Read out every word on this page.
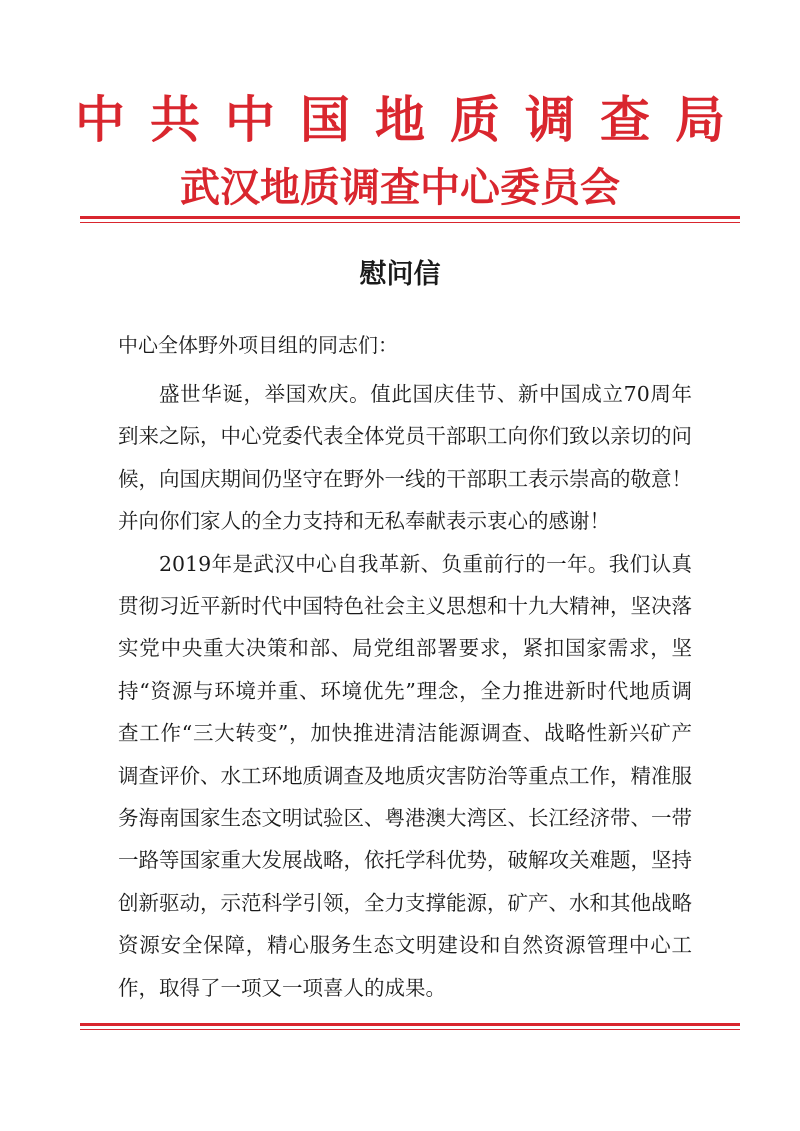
中共中国地质调查局
武汉地质调查中心委员会
慰问信
中心全体野外项目组的同志们：

盛世华诞，举国欢庆。值此国庆佳节、新中国成立70周年到来之际，中心党委代表全体党员干部职工向你们致以亲切的问候，向国庆期间仍坚守在野外一线的干部职工表示崇高的敬意！并向你们家人的全力支持和无私奉献表示衷心的感谢！

2019年是武汉中心自我革新、负重前行的一年。我们认真贯彻习近平新时代中国特色社会主义思想和十九大精神，坚决落实党中央重大决策和部、局党组部署要求，紧扣国家需求，坚持“资源与环境并重、环境优先”理念，全力推进新时代地质调查工作“三大转变”，加快推进清洁能源调查、战略性新兴矿产调查评价、水工环地质调查及地质灾害防治等重点工作，精准服务海南国家生态文明试验区、粤港澳大湾区、长江经济带、一带一路等国家重大发展战略，依托学科优势，破解攻关难题，坚持创新驱动，示范科学引领，全力支撑能源，矿产、水和其他战略资源安全保障，精心服务生态文明建设和自然资源管理中心工作，取得了一项又一项喜人的成果。
